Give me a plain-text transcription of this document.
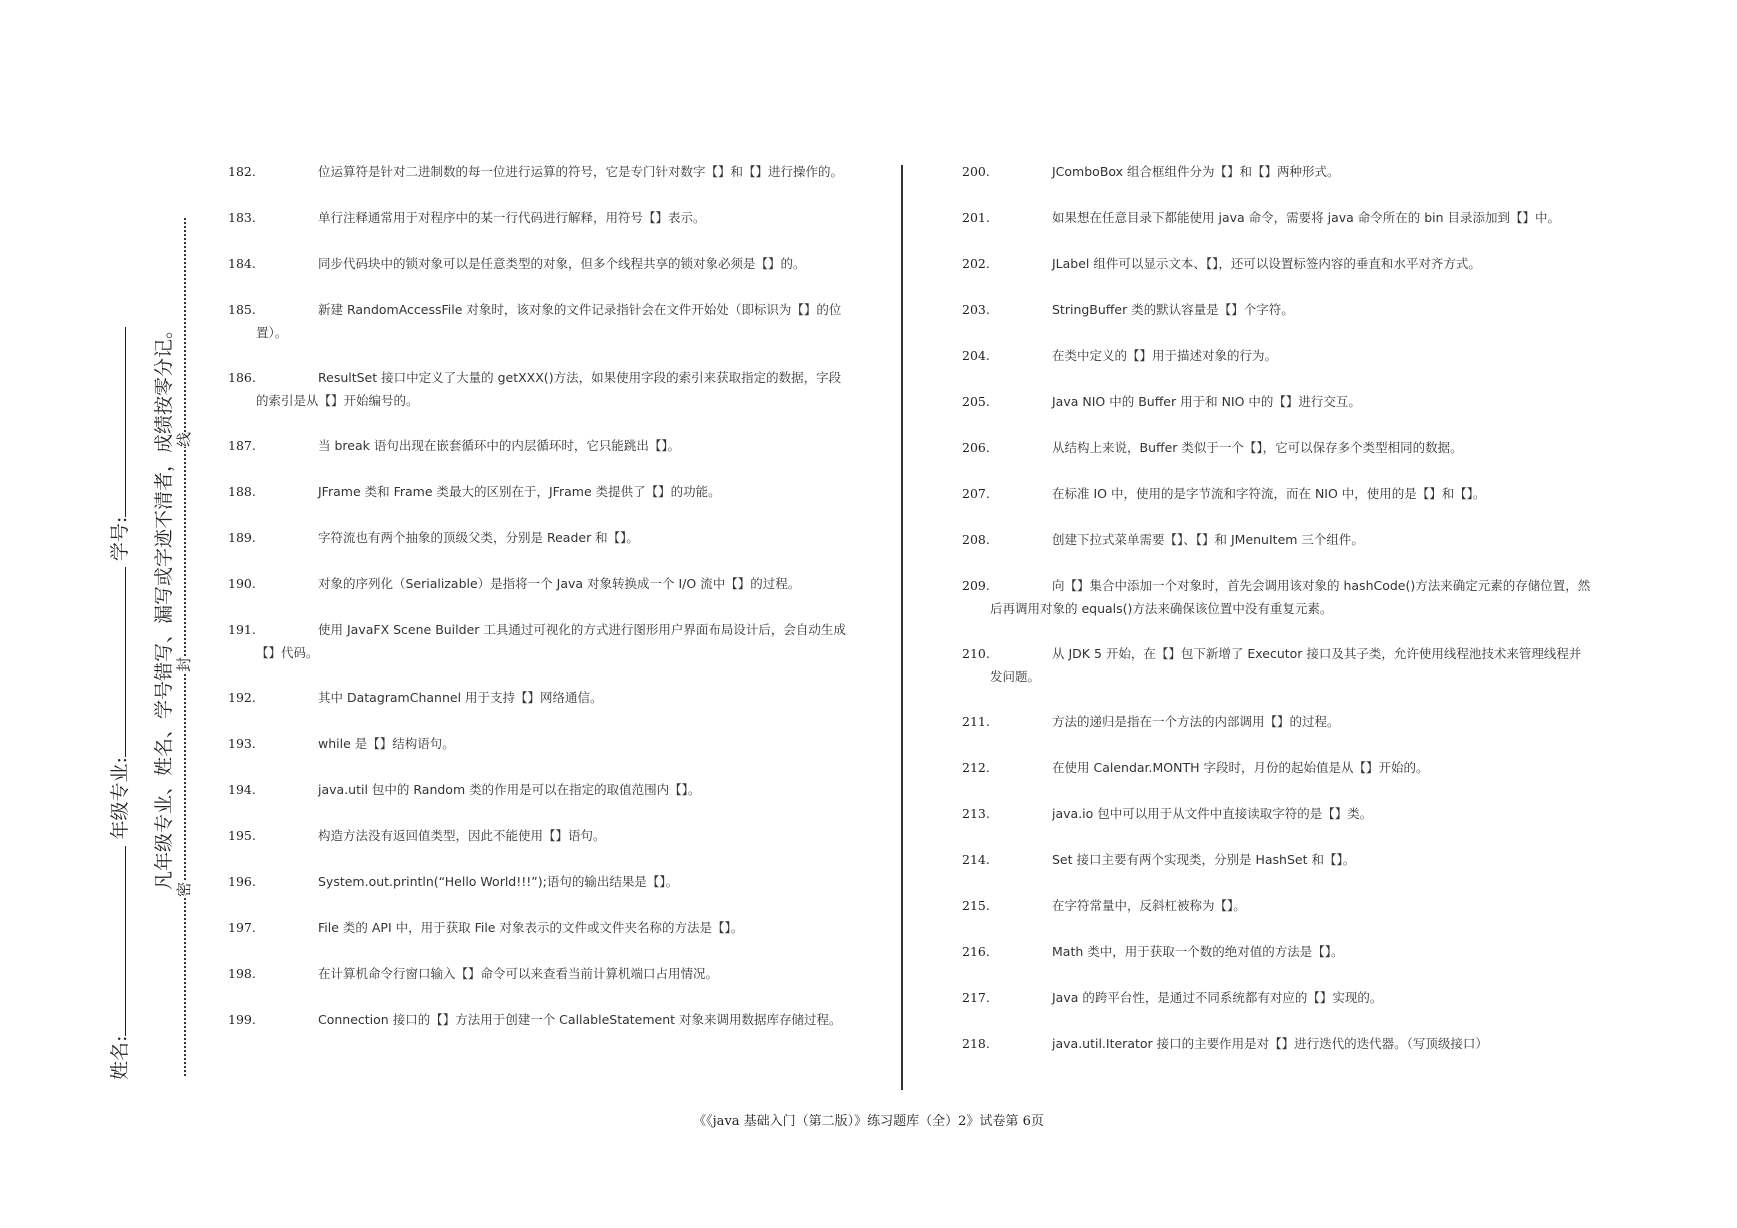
姓名: 年级专业: 学号: 凡年级专业、姓名、学号错写、漏写或字迹不清者，成绩按零分记。 密
封
线
182.	位运算符是针对二进制数的每一位进行运算的符号，它是专门针对数字【】和【】进行操作的。
183.	单行注释通常用于对程序中的某一行代码进行解释，用符号【】表示。
184.	同步代码块中的锁对象可以是任意类型的对象，但多个线程共享的锁对象必须是【】的。
185.	新建 RandomAccessFile 对象时，该对象的文件记录指针会在文件开始处（即标识为【】的位置）。
186.	ResultSet 接口中定义了大量的 getXXX()方法，如果使用字段的索引来获取指定的数据，字段的索引是从【】开始编号的。
187.	当 break 语句出现在嵌套循环中的内层循环时，它只能跳出【】。
188.	JFrame 类和 Frame 类最大的区别在于，JFrame 类提供了【】的功能。
189.	字符流也有两个抽象的顶级父类，分别是 Reader 和【】。
190.	对象的序列化（Serializable）是指将一个 Java 对象转换成一个 I/O 流中【】的过程。
191.	使用 JavaFX Scene Builder 工具通过可视化的方式进行图形用户界面布局设计后，会自动生成【】代码。
192.	其中 DatagramChannel 用于支持【】网络通信。
193.	while 是【】结构语句。
194.	java.util 包中的 Random 类的作用是可以在指定的取值范围内【】。
195.	构造方法没有返回值类型，因此不能使用【】语句。
196.	System.out.println(“Hello World!!!”);语句的输出结果是【】。
197.	File 类的 API 中，用于获取 File 对象表示的文件或文件夹名称的方法是【】。
198.	在计算机命令行窗口输入【】命令可以来查看当前计算机端口占用情况。
199.	Connection 接口的【】方法用于创建一个 CallableStatement 对象来调用数据库存储过程。
200.	JComboBox 组合框组件分为【】和【】两种形式。
201.	如果想在任意目录下都能使用 java 命令，需要将 java 命令所在的 bin 目录添加到【】中。
202.	JLabel 组件可以显示文本、【】，还可以设置标签内容的垂直和水平对齐方式。
203.	StringBuffer 类的默认容量是【】个字符。
204.	在类中定义的【】用于描述对象的行为。
205.	Java NIO 中的 Buffer 用于和 NIO 中的【】进行交互。
206.	从结构上来说，Buffer 类似于一个【】，它可以保存多个类型相同的数据。
207.	在标准 IO 中，使用的是字节流和字符流，而在 NIO 中，使用的是【】和【】。
208.	创建下拉式菜单需要【】、【】和 JMenuItem 三个组件。
209.	向【】集合中添加一个对象时，首先会调用该对象的 hashCode()方法来确定元素的存储位置，然后再调用对象的 equals()方法来确保该位置中没有重复元素。
210.	从 JDK 5 开始，在【】包下新增了 Executor 接口及其子类，允许使用线程池技术来管理线程并发问题。
211.	方法的递归是指在一个方法的内部调用【】的过程。
212.	在使用 Calendar.MONTH 字段时，月份的起始值是从【】开始的。
213.	java.io 包中可以用于从文件中直接读取字符的是【】类。
214.	Set 接口主要有两个实现类，分别是 HashSet 和【】。
215.	在字符常量中，反斜杠被称为【】。
216.	Math 类中，用于获取一个数的绝对值的方法是【】。
217.	Java 的跨平台性，是通过不同系统都有对应的【】实现的。
218.	java.util.Iterator 接口的主要作用是对【】进行迭代的迭代器。（写顶级接口）
《《java 基础入门（第二版）》练习题库（全）2》试卷第 6页
